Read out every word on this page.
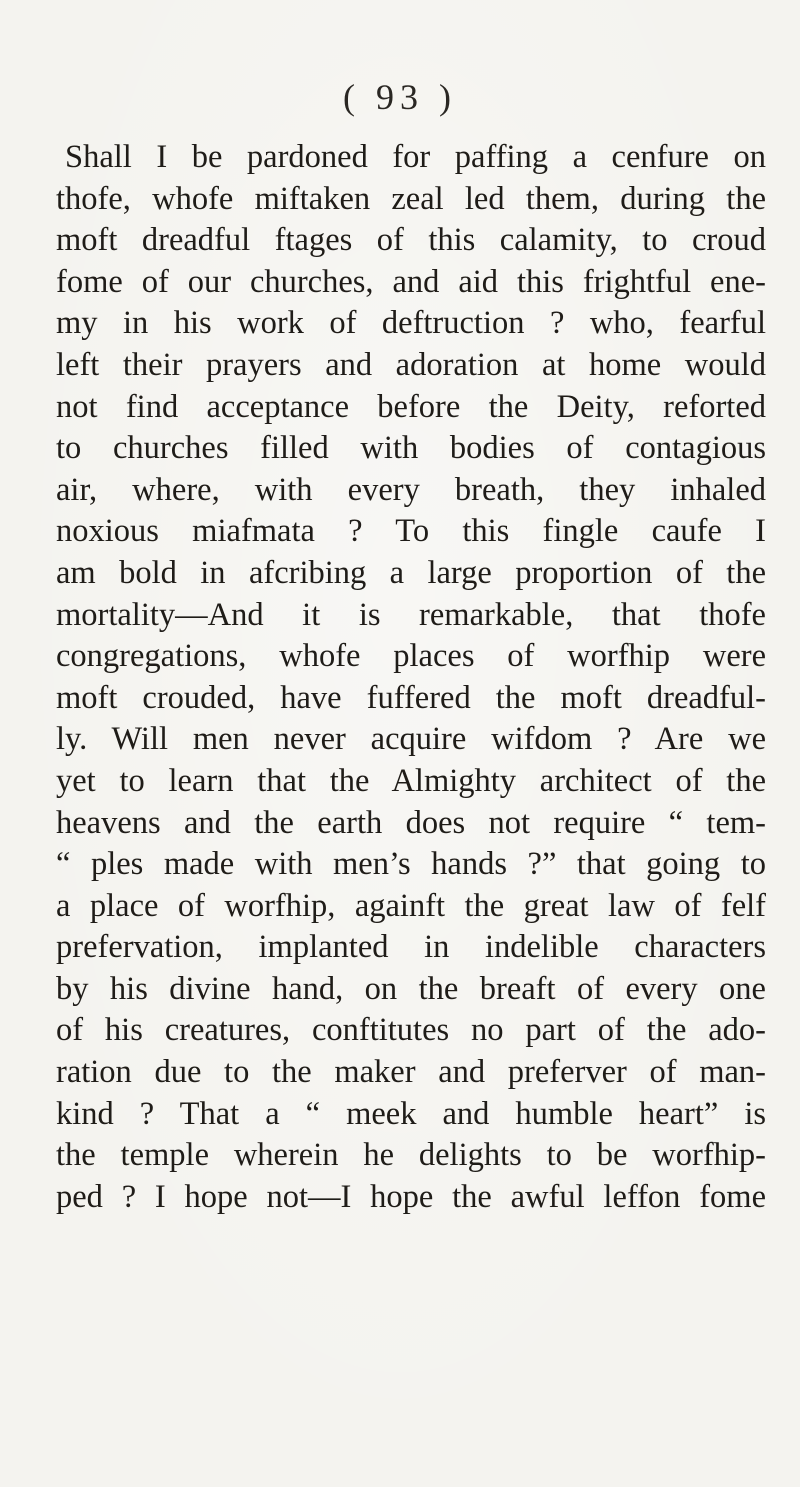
( 93 )
Shall I be pardoned for paffing a cenfure on
thofe, whofe miftaken zeal led them, during the
moft dreadful ftages of this calamity, to croud
fome of our churches, and aid this frightful ene-
my in his work of deftruction ? who, fearful
left their prayers and adoration at home would
not find acceptance before the Deity, reforted
to churches filled with bodies of contagious
air, where, with every breath, they inhaled
noxious miafmata ? To this fingle caufe I
am bold in afcribing a large proportion of the
mortality—And it is remarkable, that thofe
congregations, whofe places of worfhip were
moft crouded, have fuffered the moft dreadful-
ly. Will men never acquire wifdom ? Are we
yet to learn that the Almighty architect of the
heavens and the earth does not require “ tem-
“ ples made with men’s hands ?” that going to
a place of worfhip, againft the great law of felf
prefervation, implanted in indelible characters
by his divine hand, on the breaft of every one
of his creatures, conftitutes no part of the ado-
ration due to the maker and preferver of man-
kind ? That a “ meek and humble heart” is
the temple wherein he delights to be worfhip-
ped ? I hope not—I hope the awful leffon fome
